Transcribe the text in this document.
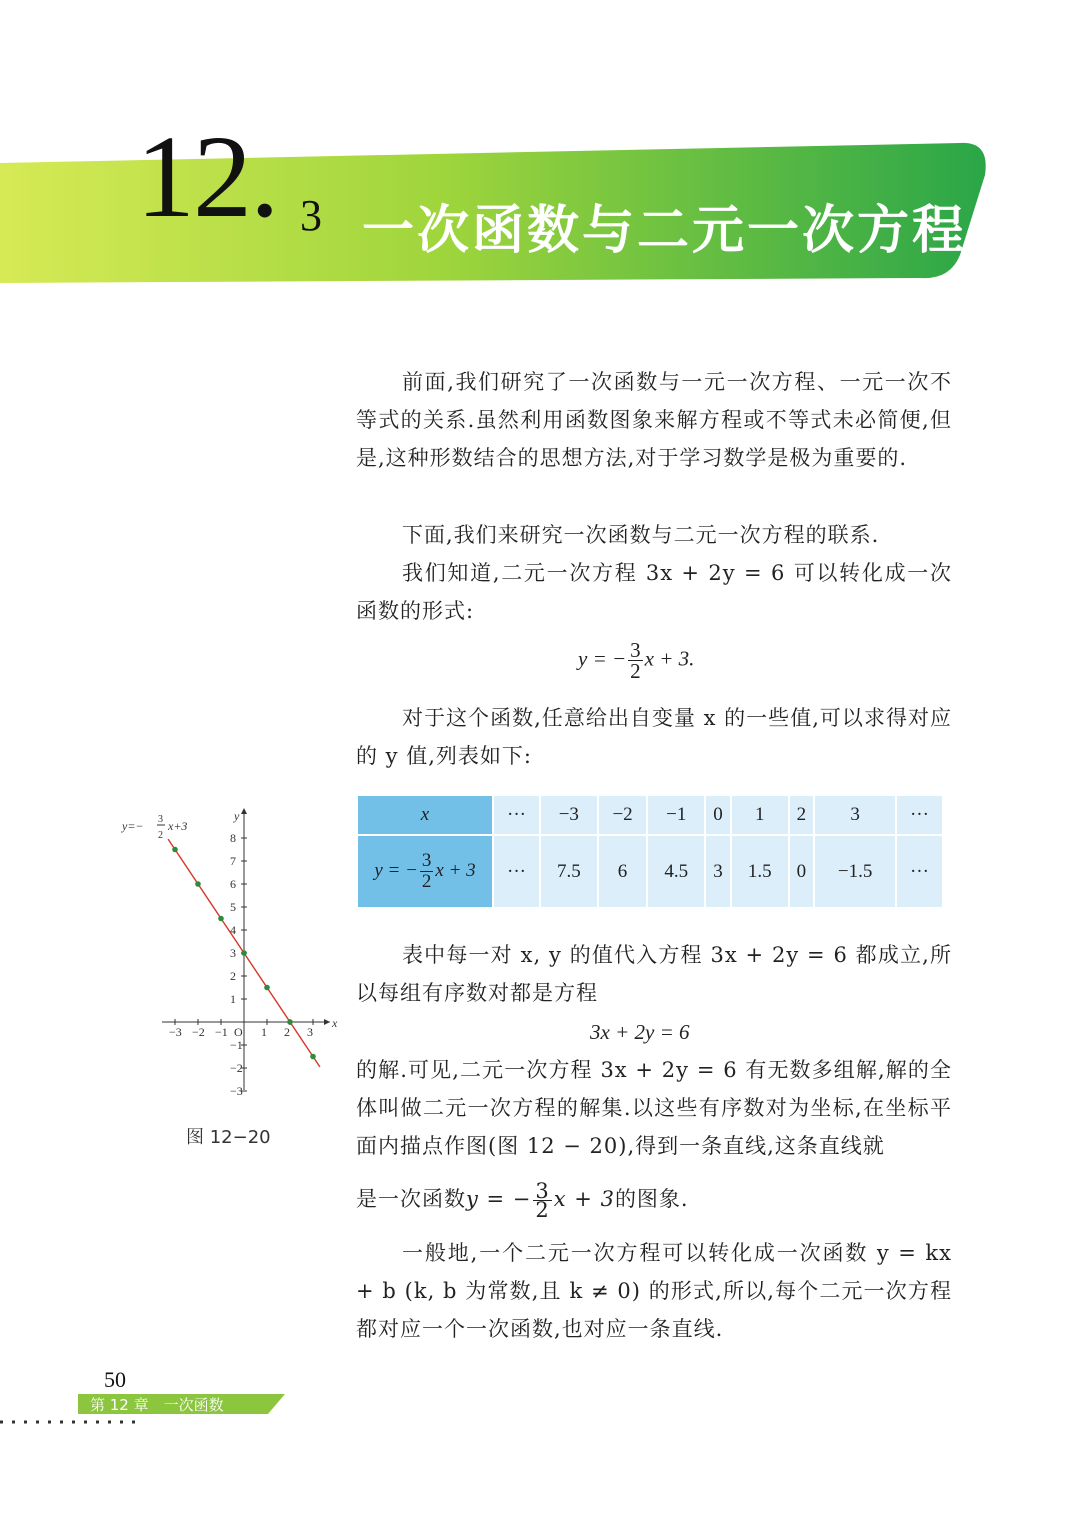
12. 3 一次函数与二元一次方程
前面,我们研究了一次函数与一元一次方程、一元一次不等式的关系.虽然利用函数图象来解方程或不等式未必简便,但是,这种形数结合的思想方法,对于学习数学是极为重要的.
下面,我们来研究一次函数与二元一次方程的联系.
我们知道,二元一次方程 3x + 2y = 6 可以转化成一次函数的形式:
y = − $\frac{3}{2}$ x + 3.
对于这个函数,任意给出自变量 x 的一些值,可以求得对应的 y 值,列表如下:
x	···	−3	−2	−1	0	1	2	3	···
y = − $\frac{3}{2}$ x + 3	···	7.5	6	4.5	3	1.5	0	−1.5	···
表中每一对 x, y 的值代入方程 3x + 2y = 6 都成立,所以每组有序数对都是方程
3x + 2y = 6
的解.可见,二元一次方程 3x + 2y = 6 有无数多组解,解的全体叫做二元一次方程的解集.以这些有序数对为坐标,在坐标平面内描点作图(图 12 − 20),得到一条直线,这条直线就
是一次函数y = − $\frac{3}{2}$ x + 3的图象.
一般地,一个二元一次方程可以转化成一次函数 y = kx + b (k, b 为常数,且 k ≠ 0) 的形式,所以,每个二元一次方程都对应一个一次函数,也对应一条直线.
x
y
O
−3 −2 −1	1 2 3
8
7
6
5
4
3
2
1
−1
−2
−3
y=− 3
2
x+3
图 12−20
50
第 12 章　一次函数
